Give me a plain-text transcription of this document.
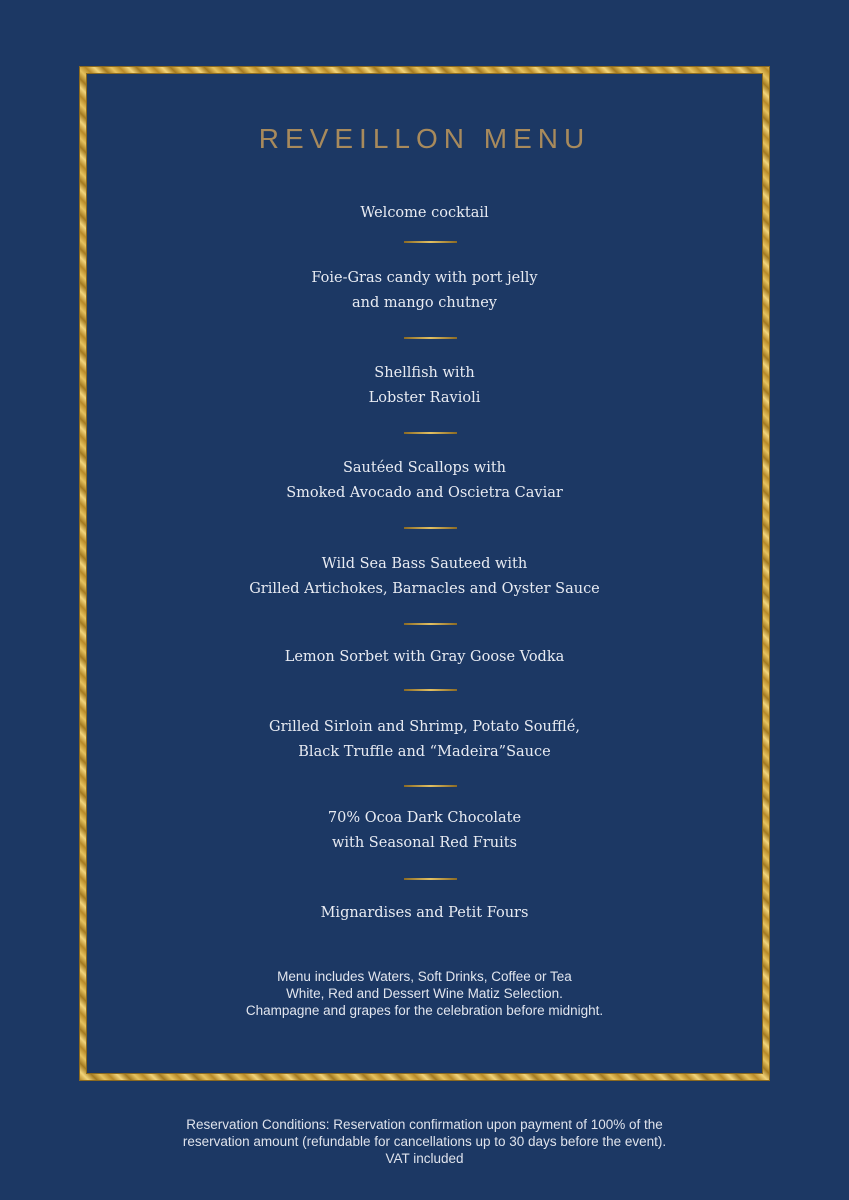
REVEILLON MENU
Welcome cocktail
Foie-Gras candy with port jelly
and mango chutney
Shellfish with
Lobster Ravioli
Sautéed Scallops with
Smoked Avocado and Oscietra Caviar
Wild Sea Bass Sauteed with
Grilled Artichokes, Barnacles and Oyster Sauce
Lemon Sorbet with Gray Goose Vodka
Grilled Sirloin and Shrimp, Potato Soufflé,
Black Truffle and “Madeira”Sauce
70% Ocoa Dark Chocolate
with Seasonal Red Fruits
Mignardises and Petit Fours
Menu includes Waters, Soft Drinks, Coffee or Tea
White, Red and Dessert Wine Matiz Selection.
Champagne and grapes for the celebration before midnight.
Reservation Conditions: Reservation confirmation upon payment of 100% of the
reservation amount (refundable for cancellations up to 30 days before the event).
VAT included
